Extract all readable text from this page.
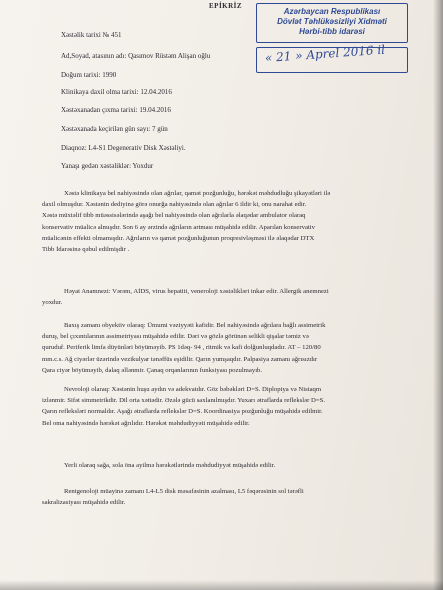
EPİKRİZ
Azərbaycan Respublikası
Dövlət Təhlükəsizliyi Xidməti
Hərbi-tibb idarəsi
« 21 » Aprel 2016 il
Xəstəlik tarixi № 451
Ad,Soyad, atasının adı: Qasımov Rüstəm Alişan oğlu
Doğum tarixi: 1990
Klinikaya daxil olma tarixi: 12.04.2016
Xəstəxanadan çıxma tarixi: 19.04.2016
Xəstəxanada keçirilən gün sayı: 7 gün
Diaqnoz: L4-S1 Degenerativ Disk Xəstəliyi.
Yanaşı gedən xəstəliklər: Yoxdur
Xəstə klinikaya bel nahiyəsində olan ağrılar, qamət pozğunluğu, hərəkət məhdudluğu şikayətləri ilə
daxil olmuşdur. Xəstənin dediyinə görə onurğa nahiyəsində olan ağrılar 6 ildir ki, onu narahat edir.
Xəstə müxtəlif tibb müəssisələrində aşağı bel nahiyəsində olan ağrılarla əlaqədar ambulator olaraq
konservativ müalicə almışdır. Son 6 ay ərzində ağrıların artması müşahidə edilir. Aparılan konservativ
müalicənin effekti olmamışdır. Ağrıların və qamət pozğunluğunun proqresivləşməsi ilə əlaqədar DTX
Tibb İdarəsinə qəbul edilmişdir .
Həyat Anamnezi: Vərəm, AİDS, virus hepatiti, veneroloji xəstəlikləri inkar edir. Allergik anemnezi
yoxdur.
Baxış zamanı obyektiv olaraq: Ümumi vəziyyəti kafidir. Bel nahiyəsində ağrılara bağlı assimetrik
duruş, bel çıxıntılarının assimetriyası müşahidə edilir. Dəri və gözlə görünən selikli qişalar təmiz və
quruduř. Periferik limfa düyünləri böyüməyib. PS 1dəq- 94 , ritmik və kafi dolğunluqdadır. AT – 120/80
mm.c.s. Ağ ciyərlər üzərində vezikulyar tənəffüs eşidilir. Qarın yumşaqdır. Palpasiya zamanı ağrısızdır
Qara ciyər böyüməyib, dalaq əllənmir. Çanaq orqanlarının funksiyası pozulmayıb.
Nevroloji olaraq: Xəstənin huşu aydın və adekvatdır. Göz bəbəkləri D=S. Diplopiya və Nistaqm
izlənmir. Sifət simmetrikdir. Dil orta xəttədir. Əzələ gücü saxlanılmışdır. Yuxarı ətraflarda reflekslər D=S.
Qarın refleksləri normaldır. Aşağı ətraflarda reflekslər D=S. Koordinasiya pozğunluğu müşahidə edilmir.
Bel oma nahiyəsində hərəkət ağrılıdır. Hərəkət məhdudiyyəti müşahidə edilir.
Yerli olaraq sağa, sola öna ayilmə hərəkətlərində məhdudiyyət müşahidə edilir.
Rentgenoloji müayinə zamanı L4-L5 disk məsafəsinin azalması, L5 fəqərəsinin sol tərəfli
sakralizasiyası müşahidə edilir.
